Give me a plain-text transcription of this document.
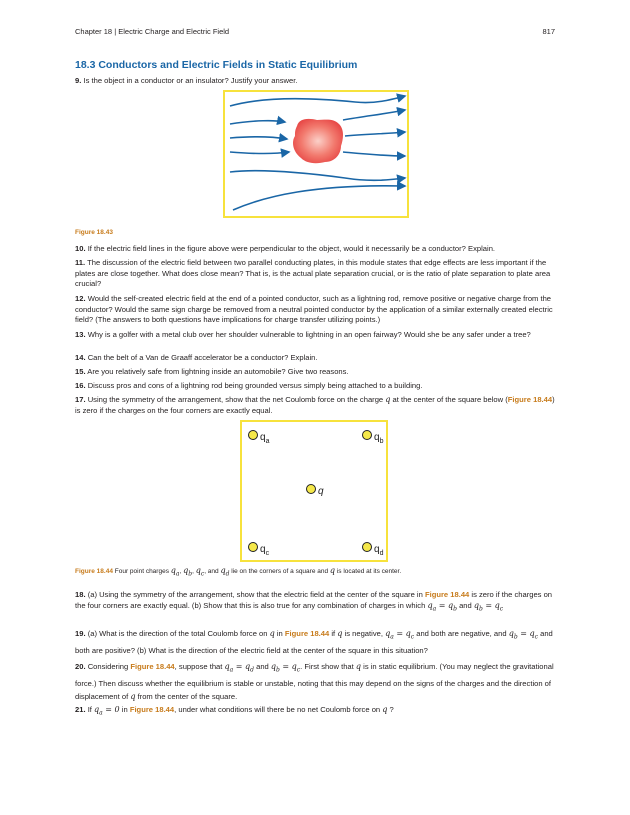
Chapter 18 | Electric Charge and Electric Field	817
18.3 Conductors and Electric Fields in Static Equilibrium
9. Is the object in a conductor or an insulator? Justify your answer.
Figure 18.43
10. If the electric field lines in the figure above were perpendicular to the object, would it necessarily be a conductor? Explain.
11. The discussion of the electric field between two parallel conducting plates, in this module states that edge effects are less important if the plates are close together. What does close mean? That is, is the actual plate separation crucial, or is the ratio of plate separation to plate area crucial?
12. Would the self-created electric field at the end of a pointed conductor, such as a lightning rod, remove positive or negative charge from the conductor? Would the same sign charge be removed from a neutral pointed conductor by the application of a similar externally created electric field? (The answers to both questions have implications for charge transfer utilizing points.)
13. Why is a golfer with a metal club over her shoulder vulnerable to lightning in an open fairway? Would she be any safer under a tree?
14. Can the belt of a Van de Graaff accelerator be a conductor? Explain.
15. Are you relatively safe from lightning inside an automobile? Give two reasons.
16. Discuss pros and cons of a lightning rod being grounded versus simply being attached to a building.
17. Using the symmetry of the arrangement, show that the net Coulomb force on the charge q at the center of the square below (Figure 18.44) is zero if the charges on the four corners are exactly equal.
$q_a$	$q_b$
q
$q_c$	$q_d$
Figure 18.44 Four point charges $q_a$, $q_b$, $q_c$, and $q_d$ lie on the corners of a square and q is located at its center.
18. (a) Using the symmetry of the arrangement, show that the electric field at the center of the square in Figure 18.44 is zero if the charges on the four corners are exactly equal. (b) Show that this is also true for any combination of charges in which $q_a = q_b$ and $q_b = q_c$
19. (a) What is the direction of the total Coulomb force on q in Figure 18.44 if q is negative, $q_a = q_c$ and both are negative, and $q_b = q_c$ and both are positive? (b) What is the direction of the electric field at the center of the square in this situation?
20. Considering Figure 18.44, suppose that $q_a = q_d$ and $q_b = q_c$. First show that q is in static equilibrium. (You may neglect the gravitational force.) Then discuss whether the equilibrium is stable or unstable, noting that this may depend on the signs of the charges and the direction of displacement of q from the center of the square.
21. If $q_a = 0$ in Figure 18.44, under what conditions will there be no net Coulomb force on q ?
